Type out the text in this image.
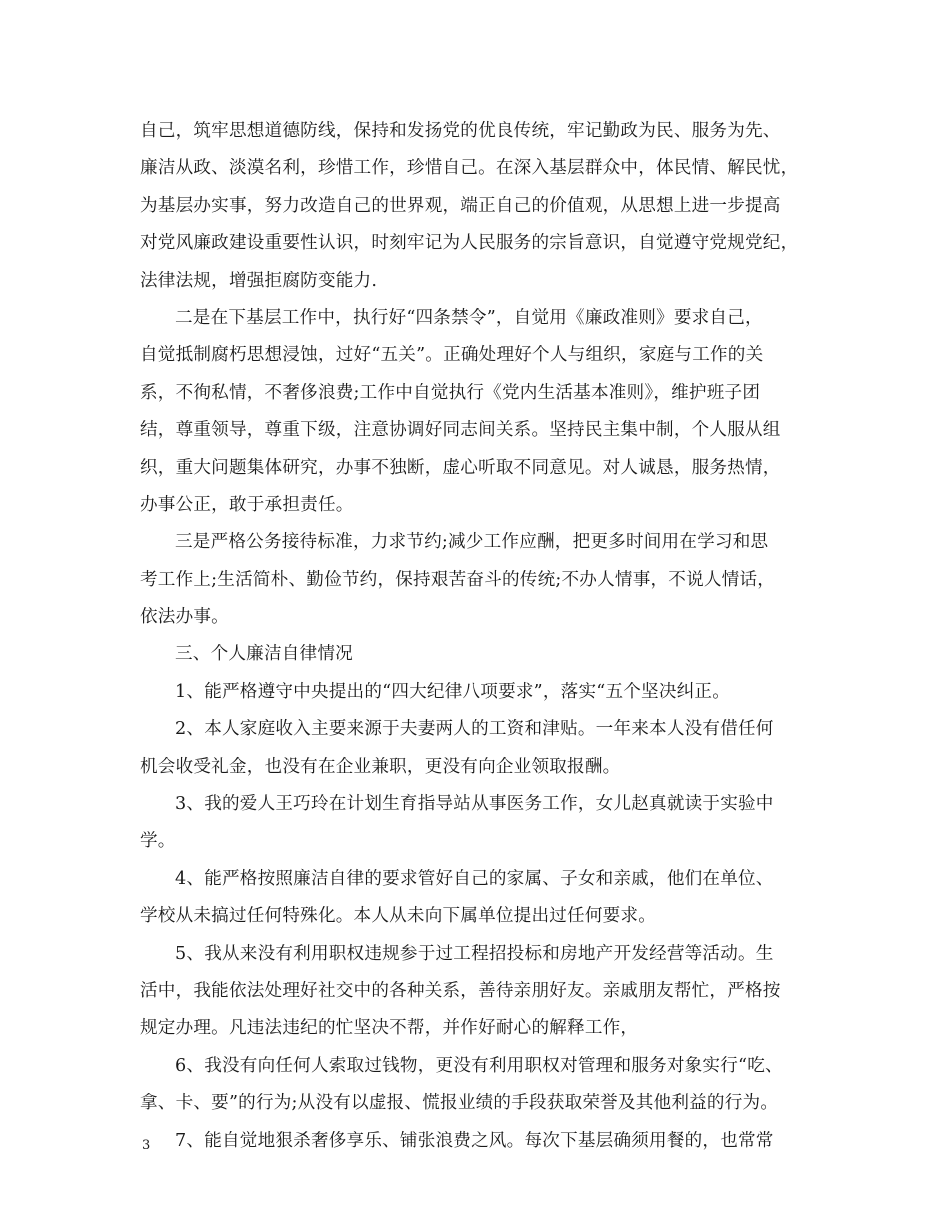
自己，筑牢思想道德防线，保持和发扬党的优良传统，牢记勤政为民、服务为先、
廉洁从政、淡漠名利，珍惜工作，珍惜自己。在深入基层群众中，体民情、解民忧，
为基层办实事，努力改造自己的世界观，端正自己的价值观，从思想上进一步提高
对党风廉政建设重要性认识，时刻牢记为人民服务的宗旨意识，自觉遵守党规党纪，
法律法规，增强拒腐防变能力.
二是在下基层工作中，执行好“四条禁令”，自觉用《廉政准则》要求自己，
自觉抵制腐朽思想浸蚀，过好“五关”。正确处理好个人与组织，家庭与工作的关
系，不徇私情，不奢侈浪费;工作中自觉执行《党内生活基本准则》，维护班子团
结，尊重领导，尊重下级，注意协调好同志间关系。坚持民主集中制，个人服从组
织，重大问题集体研究，办事不独断，虚心听取不同意见。对人诚恳，服务热情，
办事公正，敢于承担责任。
三是严格公务接待标准，力求节约;减少工作应酬，把更多时间用在学习和思
考工作上;生活简朴、勤俭节约，保持艰苦奋斗的传统;不办人情事，不说人情话，
依法办事。
三、个人廉洁自律情况
1、能严格遵守中央提出的“四大纪律八项要求”，落实“五个坚决纠正。
2、本人家庭收入主要来源于夫妻两人的工资和津贴。一年来本人没有借任何
机会收受礼金，也没有在企业兼职，更没有向企业领取报酬。
3、我的爱人王巧玲在计划生育指导站从事医务工作，女儿赵真就读于实验中
学。
4、能严格按照廉洁自律的要求管好自己的家属、子女和亲戚，他们在单位、
学校从未搞过任何特殊化。本人从未向下属单位提出过任何要求。
5、我从来没有利用职权违规参于过工程招投标和房地产开发经营等活动。生
活中，我能依法处理好社交中的各种关系，善待亲朋好友。亲戚朋友帮忙，严格按
规定办理。凡违法违纪的忙坚决不帮，并作好耐心的解释工作，
6、我没有向任何人索取过钱物，更没有利用职权对管理和服务对象实行“吃、
拿、卡、要”的行为;从没有以虚报、慌报业绩的手段获取荣誉及其他利益的行为。
7、能自觉地狠杀奢侈享乐、铺张浪费之风。每次下基层确须用餐的，也常常
3
